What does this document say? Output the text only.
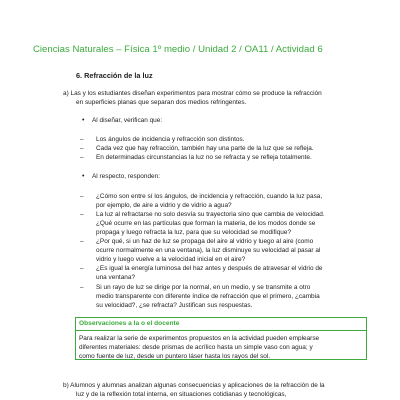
Ciencias Naturales – Física 1º medio / Unidad 2 / OA11 / Actividad 6
6. Refracción de la luz
a) Las y los estudiantes diseñan experimentos para mostrar cómo se produce la refracción
en superficies planas que separan dos medios refringentes.
• Al diseñar, verifican que:
– Los ángulos de incidencia y refracción son distintos.
– Cada vez que hay refracción, también hay una parte de la luz que se refleja.
– En determinadas circunstancias la luz no se refracta y se refleja totalmente.
• Al respecto, responden:
– ¿Cómo son entre sí los ángulos, de incidencia y refracción, cuando la luz pasa,
por ejemplo, de aire a vidrio y de vidrio a agua?
– La luz al refractarse no solo desvía su trayectoria sino que cambia de velocidad.
¿Qué ocurre en las partículas que forman la materia, de los modos donde se
propaga y luego refracta la luz, para que su velocidad se modifique?
– ¿Por qué, si un haz de luz se propaga del aire al vidrio y luego al aire (como
ocurre normalmente en una ventana), la luz disminuye su velocidad al pasar al
vidrio y luego vuelve a la velocidad inicial en el aire?
– ¿Es igual la energía luminosa del haz antes y después de atravesar el vidrio de
una ventana?
– Si un rayo de luz se dirige por la normal, en un medio, y se transmite a otro
medio transparente con diferente índice de refracción que el primero, ¿cambia
su velocidad?, ¿se refracta? Justifican sus respuestas.
Observaciones a la o el docente
Para realizar la serie de experimentos propuestos en la actividad pueden emplearse
diferentes materiales: desde prismas de acrílico hasta un simple vaso con agua; y
como fuente de luz, desde un puntero láser hasta los rayos del sol.
b) Alumnos y alumnas analizan algunas consecuencias y aplicaciones de la refracción de la
luz y de la reflexión total interna, en situaciones cotidianas y tecnológicas,
